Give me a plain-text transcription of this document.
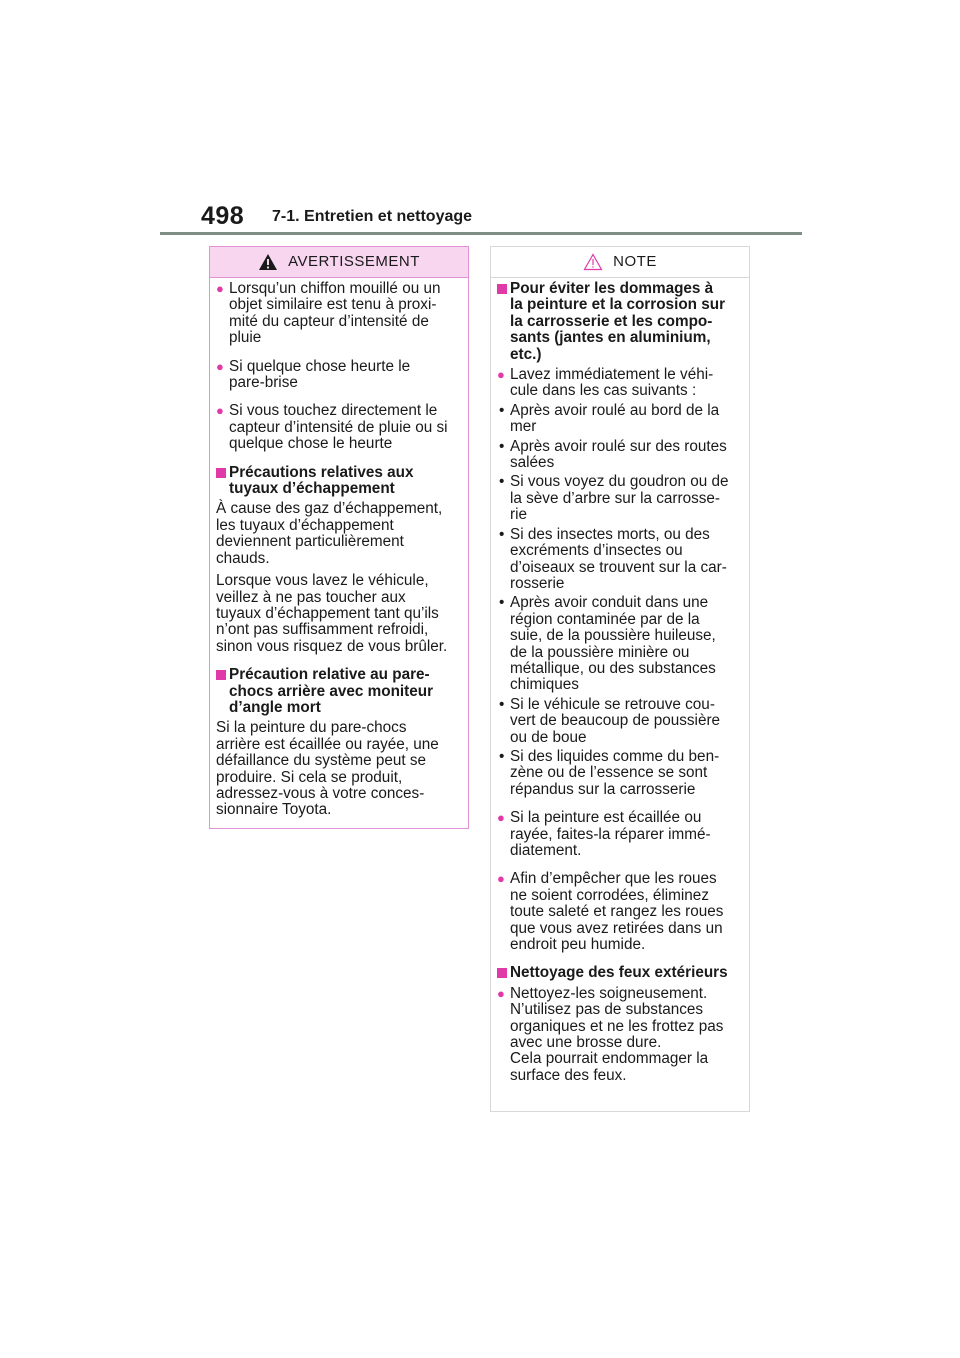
498 7-1. Entretien et nettoyage
AVERTISSEMENT
● Lorsqu’un chiffon mouillé ou un
objet similaire est tenu à proxi-
mité du capteur d’intensité de
pluie
● Si quelque chose heurte le
pare-brise
● Si vous touchez directement le
capteur d’intensité de pluie ou si
quelque chose le heurte
Précautions relatives aux
tuyaux d’échappement
À cause des gaz d’échappement,
les tuyaux d’échappement
deviennent particulièrement
chauds.
Lorsque vous lavez le véhicule,
veillez à ne pas toucher aux
tuyaux d’échappement tant qu’ils
n’ont pas suffisamment refroidi,
sinon vous risquez de vous brûler.
Précaution relative au pare-
chocs arrière avec moniteur
d’angle mort
Si la peinture du pare-chocs
arrière est écaillée ou rayée, une
défaillance du système peut se
produire. Si cela se produit,
adressez-vous à votre conces-
sionnaire Toyota.
NOTE
Pour éviter les dommages à
la peinture et la corrosion sur
la carrosserie et les compo-
sants (jantes en aluminium,
etc.)
● Lavez immédiatement le véhi-
cule dans les cas suivants :
• Après avoir roulé au bord de la
mer
• Après avoir roulé sur des routes
salées
• Si vous voyez du goudron ou de
la sève d’arbre sur la carrosse-
rie
• Si des insectes morts, ou des
excréments d’insectes ou
d’oiseaux se trouvent sur la car-
rosserie
• Après avoir conduit dans une
région contaminée par de la
suie, de la poussière huileuse,
de la poussière minière ou
métallique, ou des substances
chimiques
• Si le véhicule se retrouve cou-
vert de beaucoup de poussière
ou de boue
• Si des liquides comme du ben-
zène ou de l’essence se sont
répandus sur la carrosserie
● Si la peinture est écaillée ou
rayée, faites-la réparer immé-
diatement.
● Afin d’empêcher que les roues
ne soient corrodées, éliminez
toute saleté et rangez les roues
que vous avez retirées dans un
endroit peu humide.
Nettoyage des feux extérieurs
● Nettoyez-les soigneusement.
N’utilisez pas de substances
organiques et ne les frottez pas
avec une brosse dure.
Cela pourrait endommager la
surface des feux.
